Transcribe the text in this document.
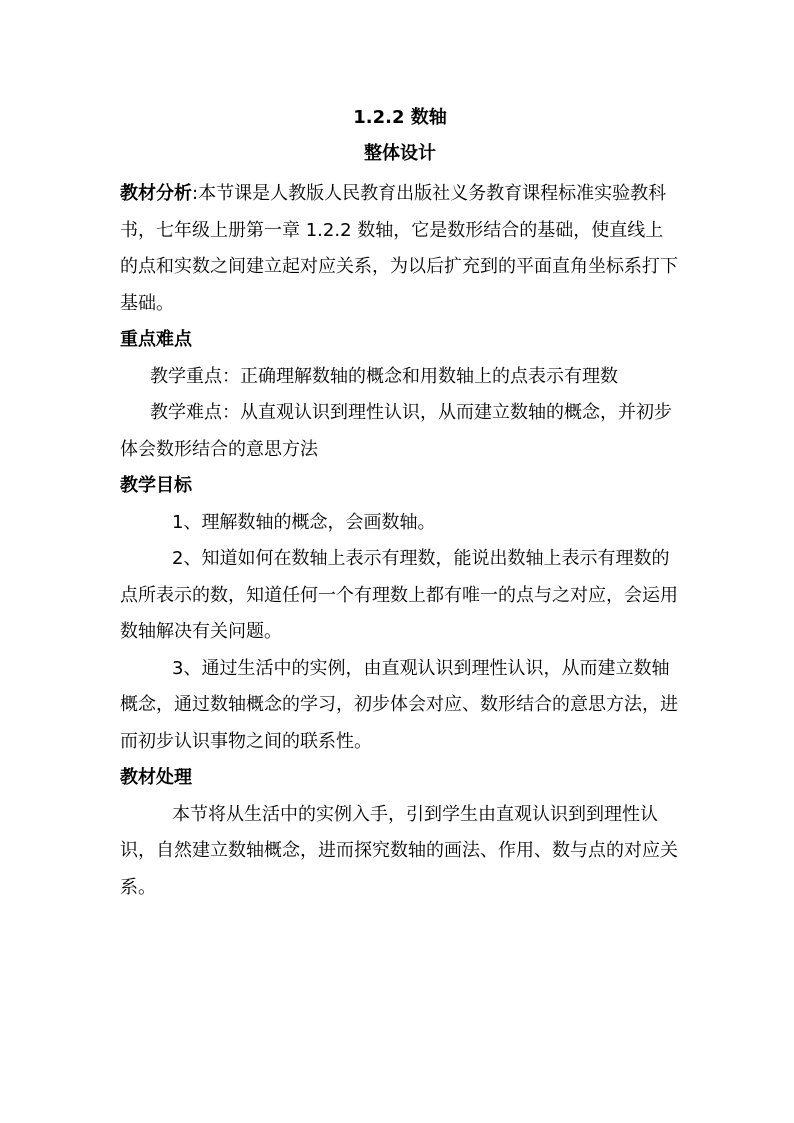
1.2.2 数轴
整体设计

教材分析:本节课是人教版人民教育出版社义务教育课程标准实验教科书，七年级上册第一章 1.2.2 数轴，它是数形结合的基础，使直线上的点和实数之间建立起对应关系，为以后扩充到的平面直角坐标系打下基础。

重点难点

教学重点：正确理解数轴的概念和用数轴上的点表示有理数

教学难点：从直观认识到理性认识，从而建立数轴的概念，并初步体会数形结合的意思方法

教学目标

1、理解数轴的概念，会画数轴。

2、知道如何在数轴上表示有理数，能说出数轴上表示有理数的点所表示的数，知道任何一个有理数上都有唯一的点与之对应，会运用数轴解决有关问题。

3、通过生活中的实例，由直观认识到理性认识，从而建立数轴概念，通过数轴概念的学习，初步体会对应、数形结合的意思方法，进而初步认识事物之间的联系性。

教材处理

本节将从生活中的实例入手，引到学生由直观认识到到理性认识，自然建立数轴概念，进而探究数轴的画法、作用、数与点的对应关系。
